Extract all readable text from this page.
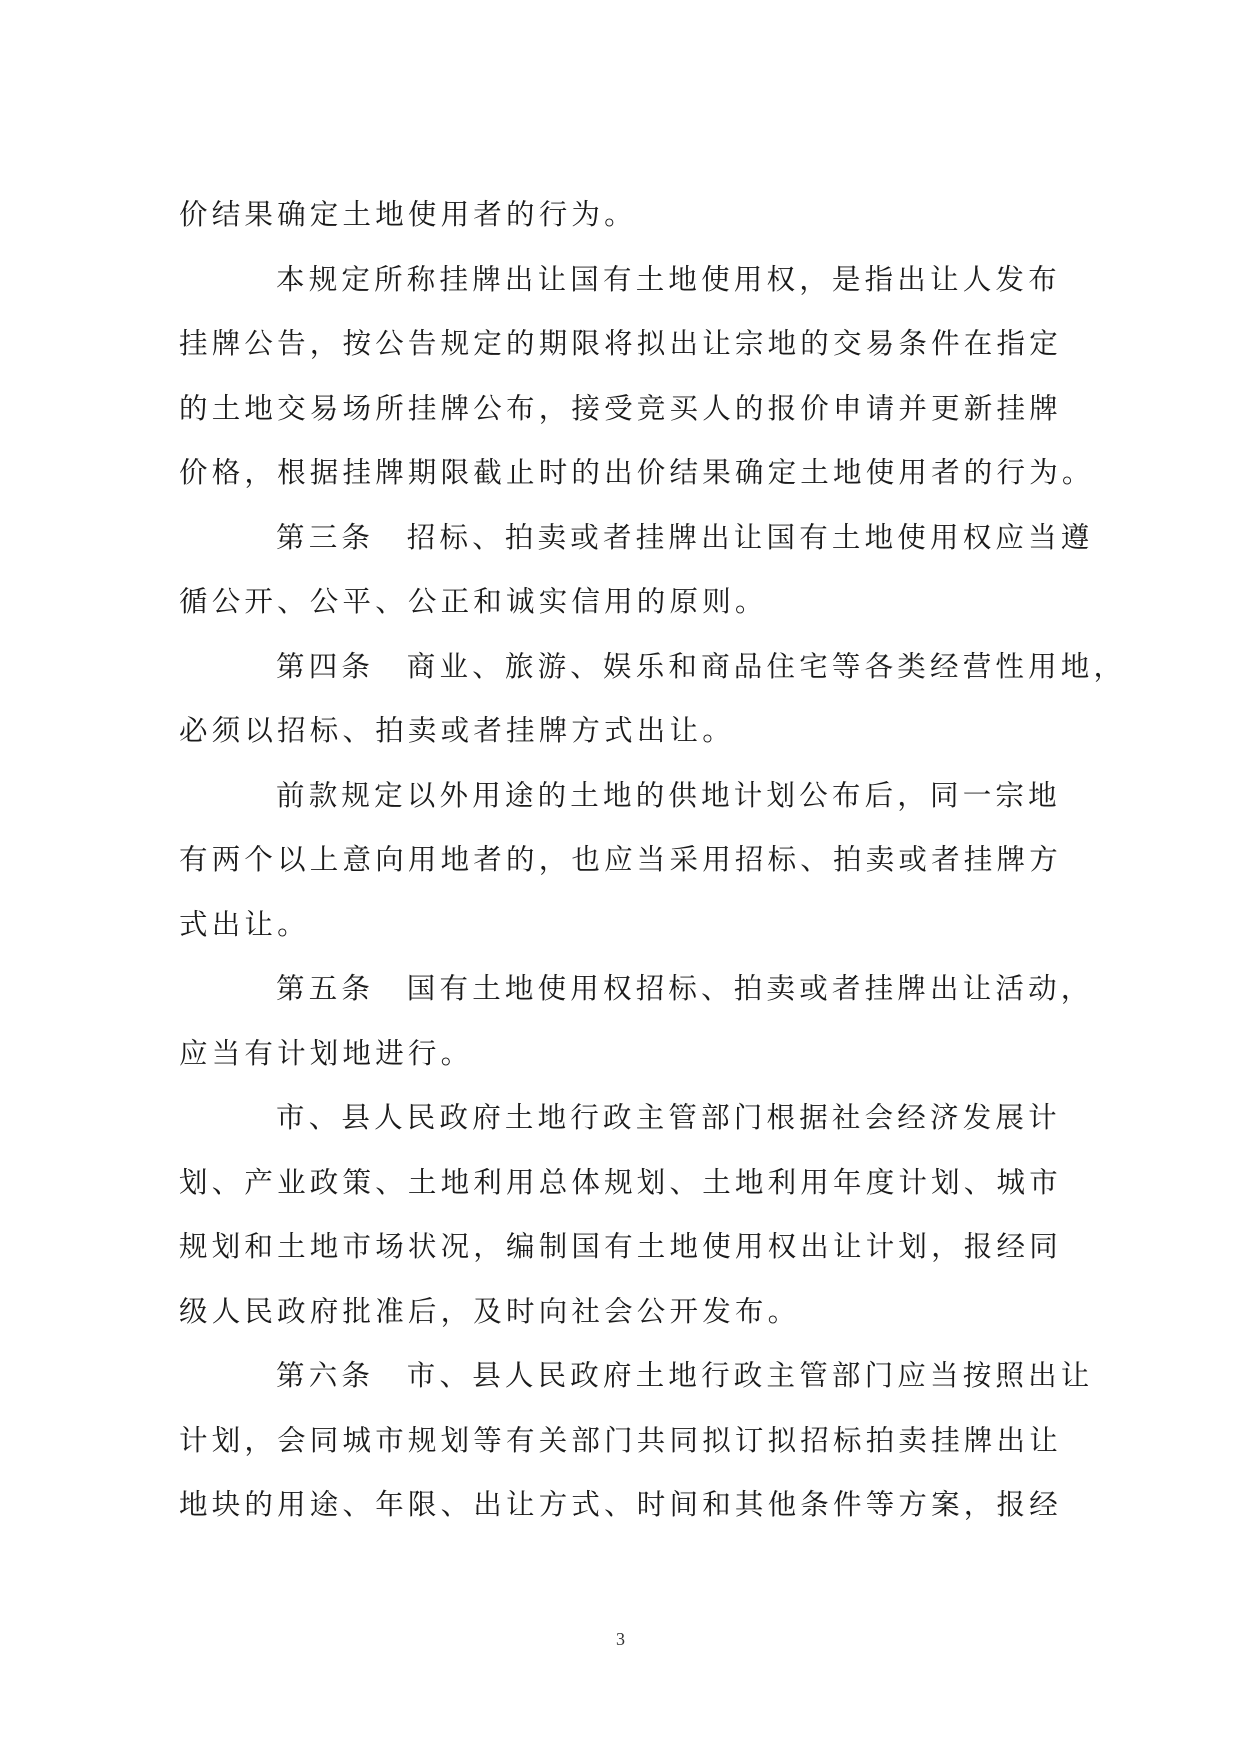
价结果确定土地使用者的行为。
本规定所称挂牌出让国有土地使用权，是指出让人发布
挂牌公告，按公告规定的期限将拟出让宗地的交易条件在指定
的土地交易场所挂牌公布，接受竞买人的报价申请并更新挂牌
价格，根据挂牌期限截止时的出价结果确定土地使用者的行为。
第三条　招标、拍卖或者挂牌出让国有土地使用权应当遵
循公开、公平、公正和诚实信用的原则。
第四条　商业、旅游、娱乐和商品住宅等各类经营性用地，
必须以招标、拍卖或者挂牌方式出让。
前款规定以外用途的土地的供地计划公布后，同一宗地
有两个以上意向用地者的，也应当采用招标、拍卖或者挂牌方
式出让。
第五条　国有土地使用权招标、拍卖或者挂牌出让活动，
应当有计划地进行。
市、县人民政府土地行政主管部门根据社会经济发展计
划、产业政策、土地利用总体规划、土地利用年度计划、城市
规划和土地市场状况，编制国有土地使用权出让计划，报经同
级人民政府批准后，及时向社会公开发布。
第六条　市、县人民政府土地行政主管部门应当按照出让
计划，会同城市规划等有关部门共同拟订拟招标拍卖挂牌出让
地块的用途、年限、出让方式、时间和其他条件等方案，报经
3
